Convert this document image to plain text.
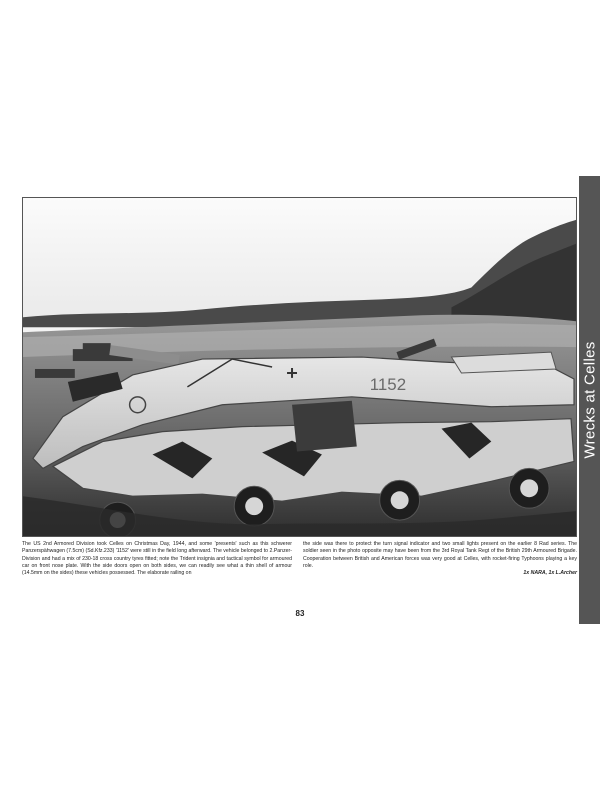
1152	Wrecks at Celles
The US 2nd Armored Division took Celles on Christmas Day, 1944, and some 'presents' such as this schwerer Panzerspähwagen (7.5cm) (Sd.Kfz.233) '1152' were still in the field long afterward. The vehicle belonged to 2.Panzer-Division and had a mix of 230-18 cross country tyres fitted; note the Trident insignia and tactical symbol for armoured car on front nose plate. With the side doors open on both sides, we can readily see what a thin shell of armour (14.5mm on the sides) these vehicles possessed. The elaborate railing on
the side was there to protect the turn signal indicator and two small lights present on the earlier 8 Rad series. The soldier seen in the photo opposite may have been from the 3rd Royal Tank Regt of the British 29th Armoured Brigade. Cooperation between British and American forces was very good at Celles, with rocket-firing Typhoons playing a key role.
1x NARA, 1x L.Archer
83
